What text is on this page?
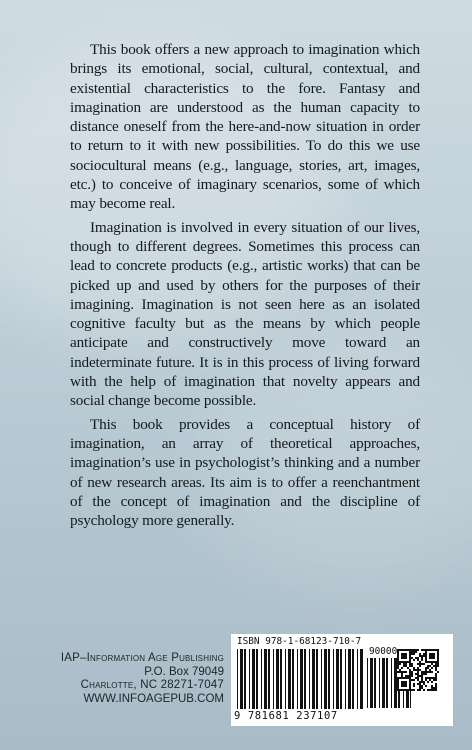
This book offers a new approach to imagination which brings its emotional, social, cultural, contextual, and existential characteristics to the fore. Fantasy and imagination are understood as the human capacity to distance oneself from the here-and-now situation in order to return to it with new possibilities. To do this we use sociocultural means (e.g., language, stories, art, images, etc.) to conceive of imaginary scenarios, some of which may become real.

Imagination is involved in every situation of our lives, though to different degrees. Sometimes this process can lead to concrete products (e.g., artistic works) that can be picked up and used by others for the purposes of their imagining. Imagination is not seen here as an isolated cognitive faculty but as the means by which people anticipate and constructively move toward an indeterminate future. It is in this process of living forward with the help of imagination that novelty appears and social change become possible.

This book provides a conceptual history of imagination, an array of theoretical approaches, imagination’s use in psychologist’s thinking and a number of new research areas. Its aim is to offer a reenchantment of the concept of imagination and the discipline of psychology more generally.

IAP–Information Age Publishing
P.O. Box 79049
Charlotte, NC 28271-7047
WWW.INFOAGEPUB.COM
ISBN 978-1-68123-710-7
90000
9 781681 237107
